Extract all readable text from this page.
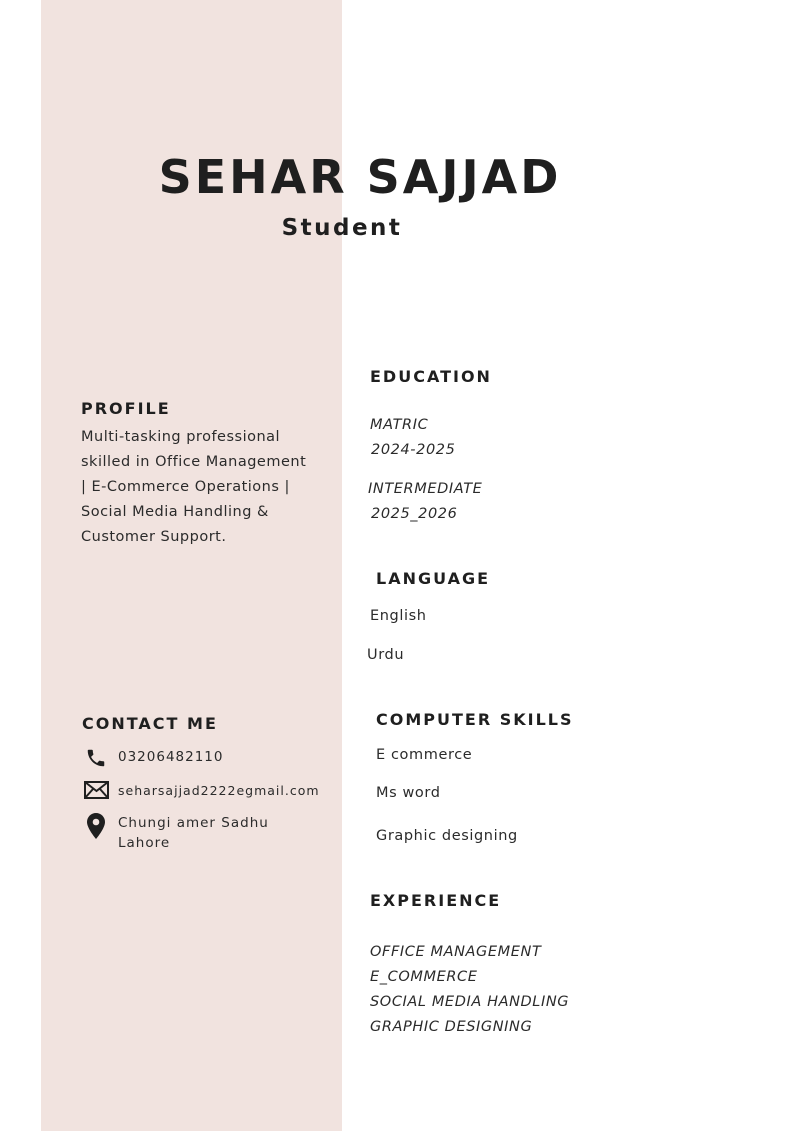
SEHAR SAJJAD
Student
PROFILE
Multi-tasking professional
skilled in Office Management
| E-Commerce Operations |
Social Media Handling &
Customer Support.
CONTACT ME
03206482110
seharsajjad2222egmail.com
Chungi amer Sadhu
Lahore
EDUCATION
MATRIC
2024-2025
INTERMEDIATE
2025_2026
LANGUAGE
English
Urdu
COMPUTER SKILLS
E commerce
Ms word
Graphic designing
EXPERIENCE
OFFICE MANAGEMENT
E_COMMERCE
SOCIAL MEDIA HANDLING
GRAPHIC DESIGNING
